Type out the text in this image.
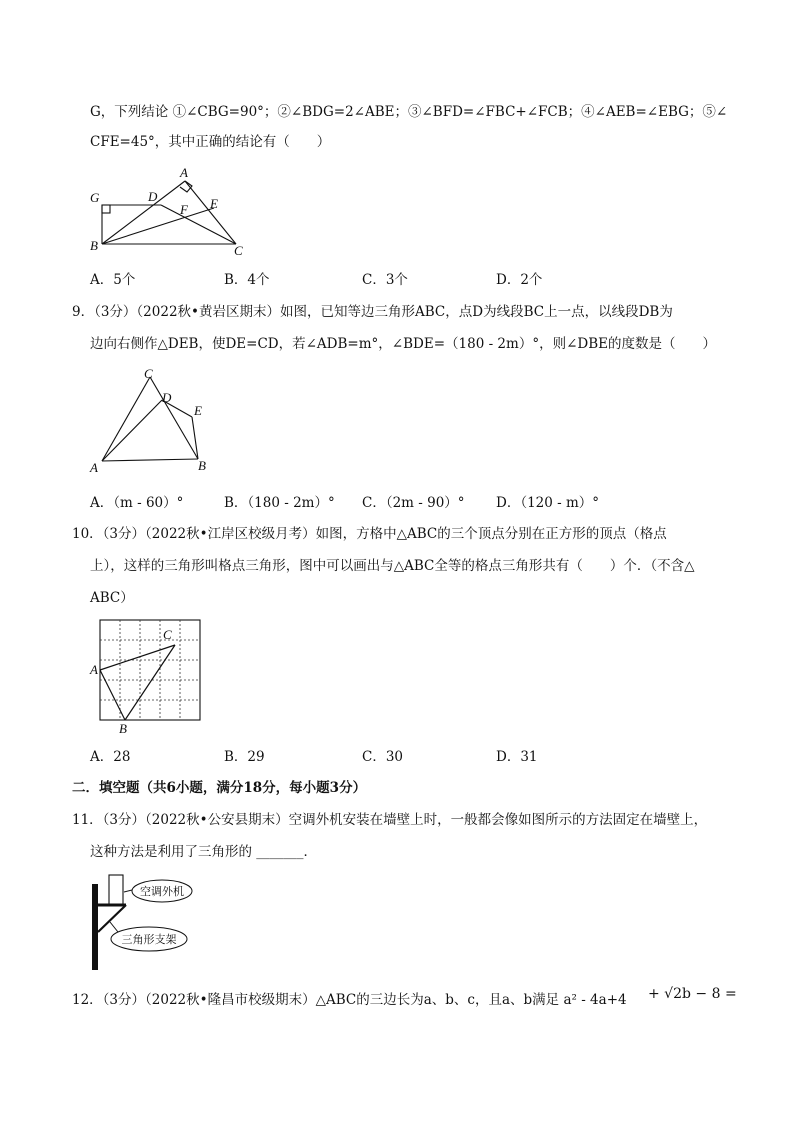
G，下列结论 ①∠CBG=90°；②∠BDG=2∠ABE；③∠BFD=∠FBC+∠FCB；④∠AEB=∠EBG；⑤∠
CFE=45°，其中正确的结论有（　　）
G	D
A
F E
B	C
A．5个	B．4个	C．3个	D．2个
9．（3分）（2022秋•黄岩区期末）如图，已知等边三角形ABC，点D为线段BC上一点，以线段DB为
边向右侧作△DEB，使DE=CD，若∠ADB=m°，∠BDE=（180 - 2m）°，则∠DBE的度数是（　　）
C
D
E
A	B
A．（m - 60）°	B．（180 - 2m）° C．（2m - 90）° D．（120 - m）°
10．（3分）（2022秋•江岸区校级月考）如图，方格中△ABC的三个顶点分别在正方形的顶点（格点
上），这样的三角形叫格点三角形，图中可以画出与△ABC全等的格点三角形共有（　　）个．（不含△
ABC）
A
B
C
A．28	B．29	C．30	D．31
二．填空题（共6小题，满分18分，每小题3分）
11．（3分）（2022秋•公安县期末）空调外机安装在墙壁上时，一般都会像如图所示的方法固定在墙壁上，
这种方法是利用了三角形的 _______．
空调外机
三角形支架
12．（3分）（2022秋•隆昌市校级期末）△ABC的三边长为a、b、c，且a、b满足 a² - 4a+4 + √2b − 8 =
